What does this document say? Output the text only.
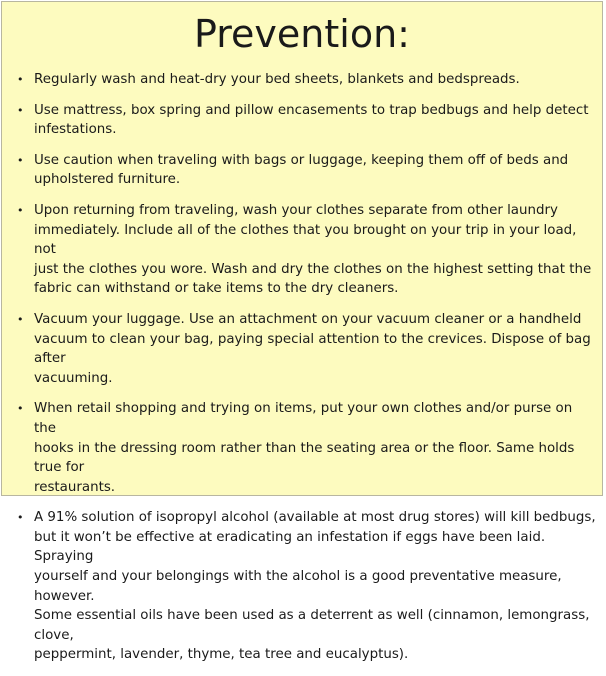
Prevention:
• Regularly wash and heat-dry your bed sheets, blankets and bedspreads.
• Use mattress, box spring and pillow encasements to trap bedbugs and help detect
infestations.
• Use caution when traveling with bags or luggage, keeping them off of beds and
upholstered furniture.
• Upon returning from traveling, wash your clothes separate from other laundry
immediately. Include all of the clothes that you brought on your trip in your load, not
just the clothes you wore. Wash and dry the clothes on the highest setting that the
fabric can withstand or take items to the dry cleaners.
• Vacuum your luggage. Use an attachment on your vacuum cleaner or a handheld
vacuum to clean your bag, paying special attention to the crevices. Dispose of bag after
vacuuming.
• When retail shopping and trying on items, put your own clothes and/or purse on the
hooks in the dressing room rather than the seating area or the floor. Same holds true for
restaurants.
• A 91% solution of isopropyl alcohol (available at most drug stores) will kill bedbugs,
but it won’t be effective at eradicating an infestation if eggs have been laid. Spraying
yourself and your belongings with the alcohol is a good preventative measure, however.
Some essential oils have been used as a deterrent as well (cinnamon, lemongrass, clove,
peppermint, lavender, thyme, tea tree and eucalyptus).
